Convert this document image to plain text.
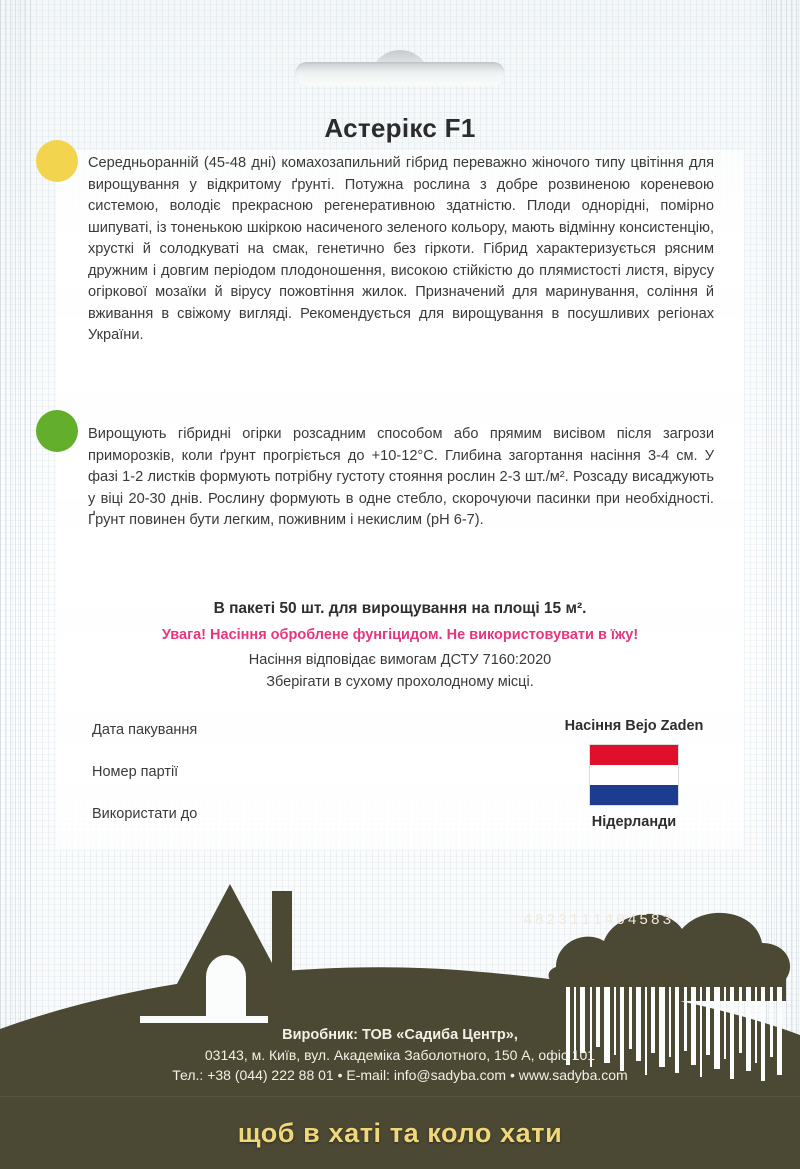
Астерікс F1
Середньоранній (45-48 дні) комахозапильний гібрид переважно жіночого типу цвітіння для вирощування у відкритому ґрунті. Потужна рослина з добре розвиненою кореневою системою, володіє прекрасною регенеративною здатністю. Плоди однорідні, помірно шипуваті, із тоненькою шкіркою насиченого зеленого кольору, мають відмінну консистенцію, хрусткі й солодкуваті на смак, генетично без гіркоти. Гібрид характеризується рясним дружним і довгим періодом плодоношення, високою стійкістю до плямистості листя, вірусу огіркової мозаїки й вірусу пожовтіння жилок. Призначений для маринування, соління й вживання в свіжому вигляді. Рекомендується для вирощування в посушливих регіонах України.
Вирощують гібридні огірки розсадним способом або прямим висівом після загрози приморозків, коли ґрунт прогріється до +10-12°C. Глибина загортання насіння 3-4 см. У фазі 1-2 листків формують потрібну густоту стояння рослин 2-3 шт./м². Розсаду висаджують у віці 20-30 днів. Рослину формують в одне стебло, скорочуючи пасинки при необхідності. Ґрунт повинен бути легким, поживним і некислим (pH 6-7).
В пакеті 50 шт. для вирощування на площі 15 м².
Увага! Насіння оброблене фунгіцидом. Не використовувати в їжу!
Насіння відповідає вимогам ДСТУ 7160:2020
Зберігати в сухому прохолодному місці.
Дата пакування
Номер партії
Використати до
Насіння Bejo Zaden
Нідерланди
4823111404583
Виробник: ТОВ «Садиба Центр»,
03143, м. Київ, вул. Академіка Заболотного, 150 А, офіс 101
Тел.: +38 (044) 222 88 01 • E-mail: info@sadyba.com • www.sadyba.com
щоб в хаті та коло хати
